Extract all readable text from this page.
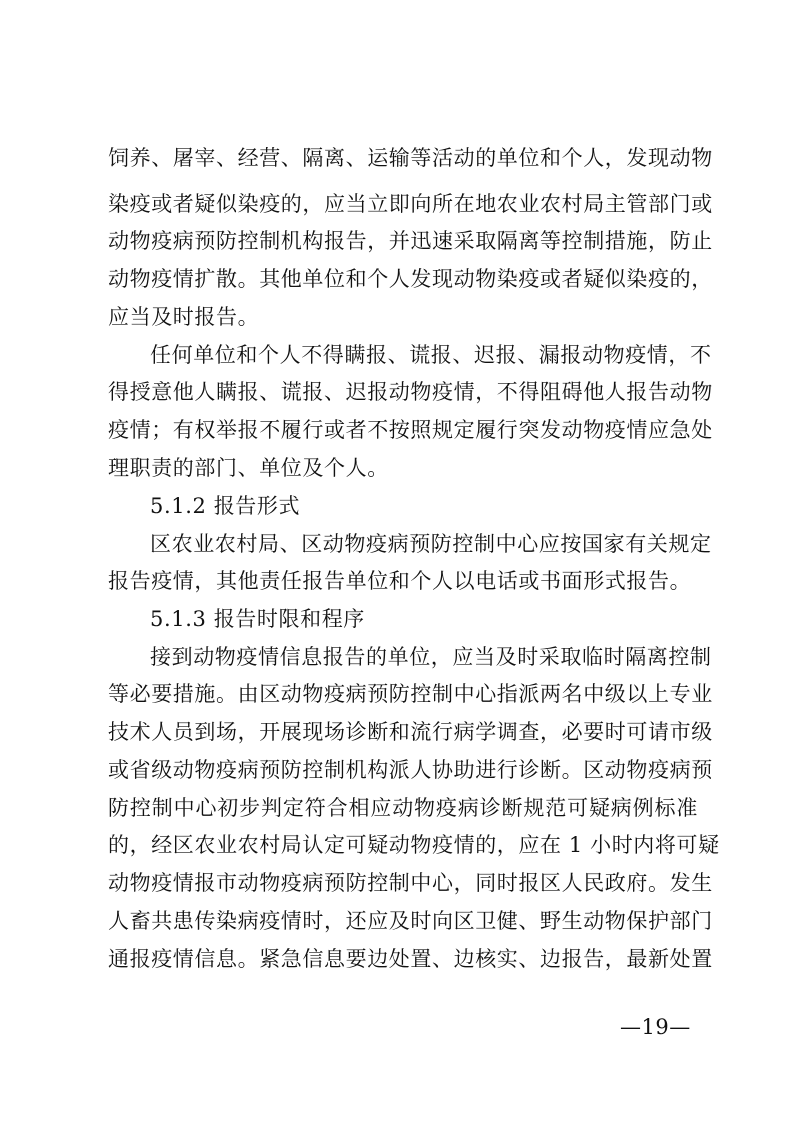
饲养、屠宰、经营、隔离、运输等活动的单位和个人，发现动物
染疫或者疑似染疫的，应当立即向所在地农业农村局主管部门或
动物疫病预防控制机构报告，并迅速采取隔离等控制措施，防止
动物疫情扩散。其他单位和个人发现动物染疫或者疑似染疫的，
应当及时报告。
任何单位和个人不得瞒报、谎报、迟报、漏报动物疫情，不
得授意他人瞒报、谎报、迟报动物疫情，不得阻碍他人报告动物
疫情；有权举报不履行或者不按照规定履行突发动物疫情应急处
理职责的部门、单位及个人。
5.1.2 报告形式
区农业农村局、区动物疫病预防控制中心应按国家有关规定
报告疫情，其他责任报告单位和个人以电话或书面形式报告。
5.1.3 报告时限和程序
接到动物疫情信息报告的单位，应当及时采取临时隔离控制
等必要措施。由区动物疫病预防控制中心指派两名中级以上专业
技术人员到场，开展现场诊断和流行病学调查，必要时可请市级
或省级动物疫病预防控制机构派人协助进行诊断。区动物疫病预
防控制中心初步判定符合相应动物疫病诊断规范可疑病例标准
的，经区农业农村局认定可疑动物疫情的，应在 1 小时内将可疑
动物疫情报市动物疫病预防控制中心，同时报区人民政府。发生
人畜共患传染病疫情时，还应及时向区卫健、野生动物保护部门
通报疫情信息。紧急信息要边处置、边核实、边报告，最新处置
—19—
